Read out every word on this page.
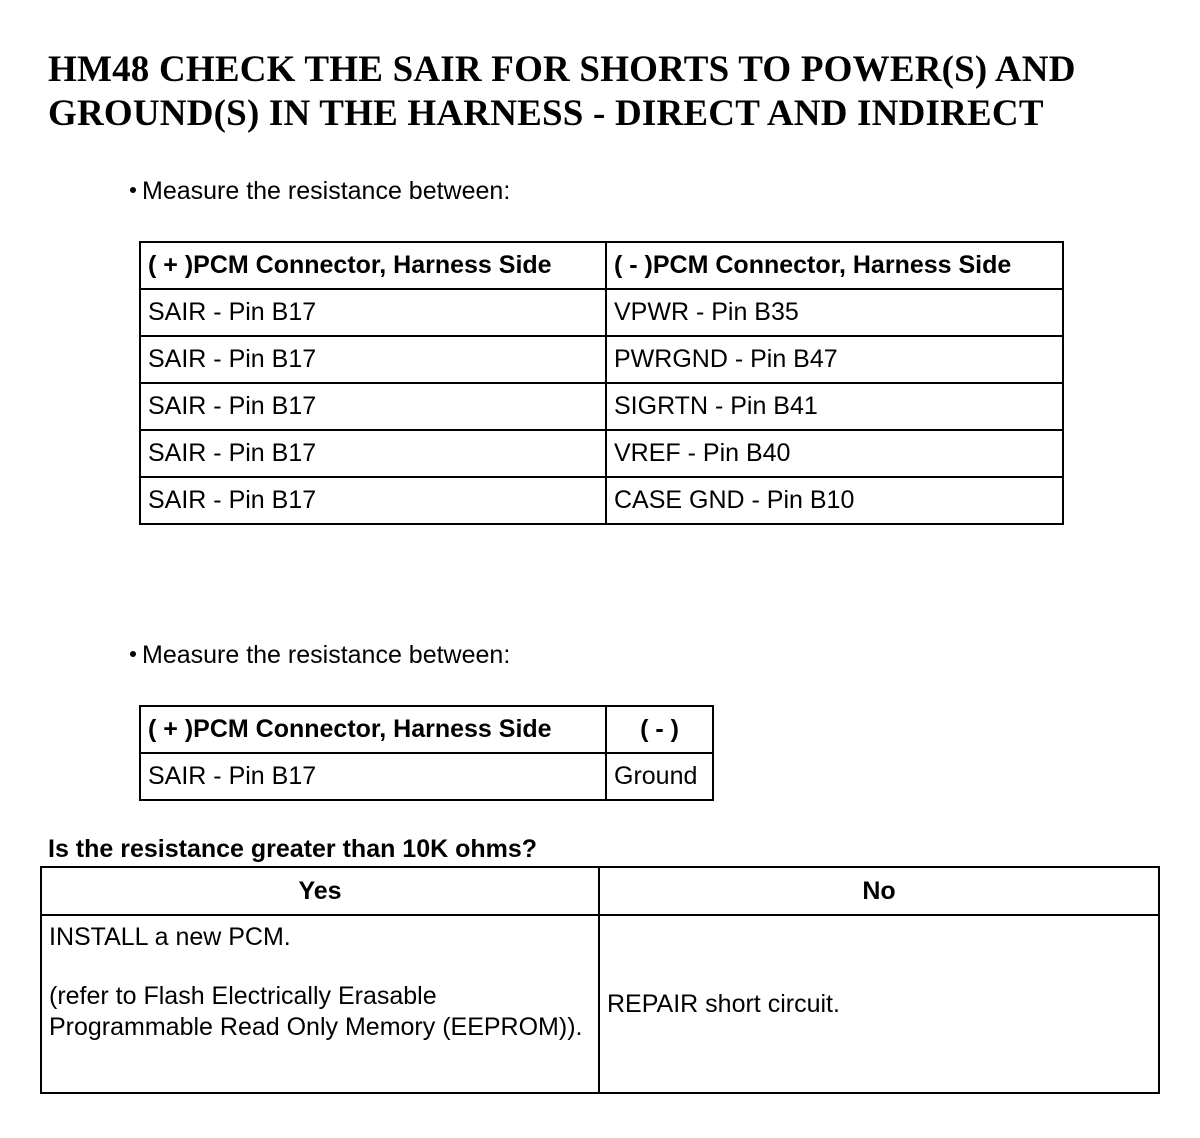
HM48 CHECK THE SAIR FOR SHORTS TO POWER(S) AND
GROUND(S) IN THE HARNESS - DIRECT AND INDIRECT
Measure the resistance between:
( + )PCM Connector, Harness Side	( - )PCM Connector, Harness Side
SAIR - Pin B17	VPWR - Pin B35
SAIR - Pin B17	PWRGND - Pin B47
SAIR - Pin B17	SIGRTN - Pin B41
SAIR - Pin B17	VREF - Pin B40
SAIR - Pin B17	CASE GND - Pin B10
Measure the resistance between:
( + )PCM Connector, Harness Side	( - )
SAIR - Pin B17	Ground
Is the resistance greater than 10K ohms?
Yes	No

INSTALL a new PCM.
(refer to Flash Electrically Erasable Programmable Read Only Memory (EEPROM)).	REPAIR short circuit.
